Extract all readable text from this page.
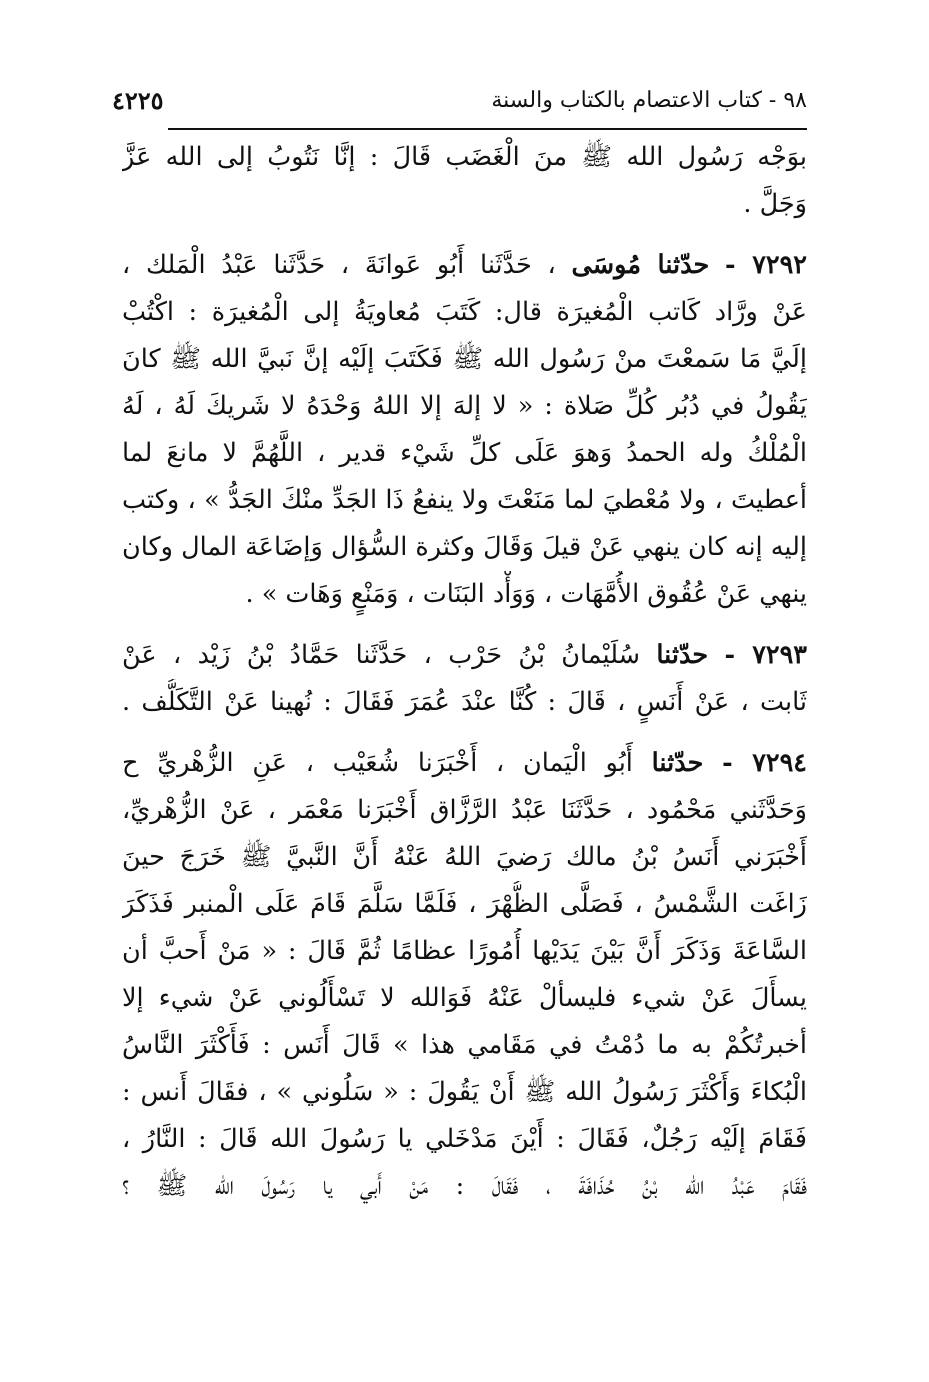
٩٨ - كتاب الاعتصام بالكتاب والسنة
٤٢٢٥
بوَجْه رَسُول الله ﷺ منَ الْغَضَب قَالَ : إنَّا نَتُوبُ إلى الله عَزَّ
وَجَلَّ .
٧٢٩٢ - حدّثنا مُوسَى ، حَدَّثَنا أَبُو عَوانَةَ ، حَدَّثَنا عَبْدُ الْمَلك ،
عَنْ ورَّاد كَاتب الْمُغيرَة قال: كَتَبَ مُعاويَةُ إلى الْمُغيرَة : اكْتُبْ
إلَيَّ مَا سَمعْتَ منْ رَسُول الله ﷺ فَكَتَبَ إلَيْه إنَّ نَبيَّ الله ﷺ كانَ
يَقُولُ في دُبُر كُلِّ صَلاة : « لا إلهَ إلا اللهُ وَحْدَهُ لا شَريكَ لَهُ ، لَهُ
الْمُلْكُ وله الحمدُ وَهوَ عَلَى كلِّ شَيْء قدير ، اللَّهُمَّ لا مانعَ لما
أعطيتَ ، ولا مُعْطيَ لما مَنَعْتَ ولا ينفعُ ذَا الجَدِّ منْكَ الجَدُّ » ، وكتب
إليه إنه كان ينهي عَنْ قيلَ وَقَالَ وكثرة السُّؤال وَإضَاعَة المال وكان
ينهي عَنْ عُقُوق الأُمَّهَات ، وَوَأْد البَنَات ، وَمَنْعٍ وَهَات » .
٧٢٩٣ - حدّثنا سُلَيْمانُ بْنُ حَرْب ، حَدَّثَنا حَمَّادُ بْنُ زَيْد ، عَنْ
ثَابت ، عَنْ أَنَسٍ ، قَالَ : كُنَّا عنْدَ عُمَرَ فَقَالَ : نُهينا عَنْ التَّكَلُّف .
٧٢٩٤ - حدّثنا أَبُو الْيَمان ، أَخْبَرَنا شُعَيْب ، عَنِ الزُّهْريِّ ح
وَحَدَّثَني مَحْمُود ، حَدَّثَنَا عَبْدُ الرَّزَّاق أَخْبَرَنا مَعْمَر ، عَنْ الزُّهْريِّ،
أَخْبَرَني أَنَسُ بْنُ مالك رَضيَ اللهُ عَنْهُ أَنَّ النَّبيَّ ﷺ خَرَجَ حينَ
زَاغَت الشَّمْسُ ، فَصَلَّى الظُّهْرَ ، فَلَمَّا سَلَّمَ قَامَ عَلَى الْمنبر فَذَكَرَ
السَّاعَةَ وَذَكَرَ أَنَّ بَيْنَ يَدَيْها أُمُورًا عظامًا ثُمَّ قَالَ : « مَنْ أَحبَّ أن
يسأَلَ عَنْ شيء فليسألْ عَنْهُ فَوَالله لا تَسْأَلُوني عَنْ شيء إلا
أخبرتُكُمْ به ما دُمْتُ في مَقَامي هذا » قَالَ أَنَس : فَأَكْثَرَ النَّاسُ
الْبُكاءَ وَأَكْثَرَ رَسُولُ الله ﷺ أَنْ يَقُولَ : « سَلُوني » ، فقَالَ أَنس :
فَقَامَ إلَيْه رَجُلٌ، فَقَالَ : أَيْنَ مَدْخَلي يا رَسُولَ الله قَالَ : النَّارُ ،
فَقَامَ عَبْدُ الله بْنُ حُذَافَةَ ، فَقَالَ : مَنْ أَبي يا رَسُولَ الله ﷺ ؟
